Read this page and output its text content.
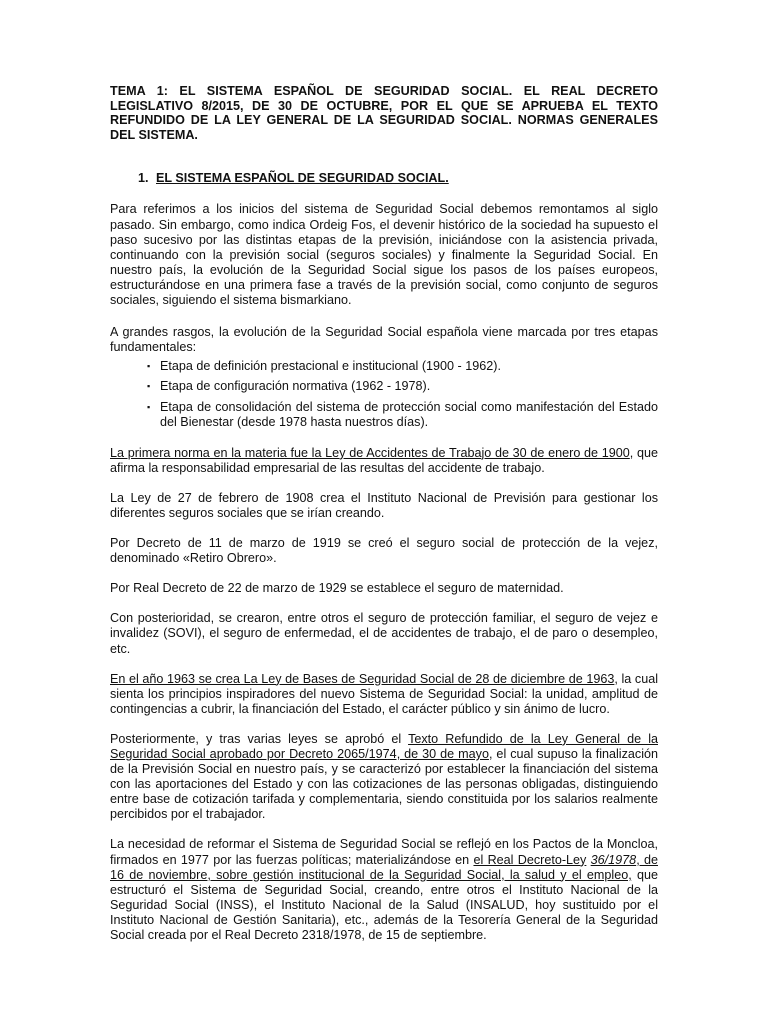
TEMA 1: EL SISTEMA ESPAÑOL DE SEGURIDAD SOCIAL. EL REAL DECRETO LEGISLATIVO 8/2015, DE 30 DE OCTUBRE, POR EL QUE SE APRUEBA EL TEXTO REFUNDIDO DE LA LEY GENERAL DE LA SEGURIDAD SOCIAL. NORMAS GENERALES DEL SISTEMA.

1. EL SISTEMA ESPAÑOL DE SEGURIDAD SOCIAL.

Para referimos a los inicios del sistema de Seguridad Social debemos remontamos al siglo pasado. Sin embargo, como indica Ordeig Fos, el devenir histórico de la sociedad ha supuesto el paso sucesivo por las distintas etapas de la previsión, iniciándose con la asistencia privada, continuando con la previsión social (seguros sociales) y finalmente la Seguridad Social. En nuestro país, la evolución de la Seguridad Social sigue los pasos de los países europeos, estructurándose en una primera fase a través de la previsión social, como conjunto de seguros sociales, siguiendo el sistema bismarkiano.

A grandes rasgos, la evolución de la Seguridad Social española viene marcada por tres etapas fundamentales:

▪ Etapa de definición prestacional e institucional (1900 - 1962).
▪ Etapa de configuración normativa (1962 - 1978).
▪ Etapa de consolidación del sistema de protección social como manifestación del Estado del Bienestar (desde 1978 hasta nuestros días).

La primera norma en la materia fue la Ley de Accidentes de Trabajo de 30 de enero de 1900, que afirma la responsabilidad empresarial de las resultas del accidente de trabajo.

La Ley de 27 de febrero de 1908 crea el Instituto Nacional de Previsión para gestionar los diferentes seguros sociales que se irían creando.

Por Decreto de 11 de marzo de 1919 se creó el seguro social de protección de la vejez, denominado «Retiro Obrero».

Por Real Decreto de 22 de marzo de 1929 se establece el seguro de maternidad.

Con posterioridad, se crearon, entre otros el seguro de protección familiar, el seguro de vejez e invalidez (SOVI), el seguro de enfermedad, el de accidentes de trabajo, el de paro o desempleo, etc.

En el año 1963 se crea La Ley de Bases de Seguridad Social de 28 de diciembre de 1963, la cual sienta los principios inspiradores del nuevo Sistema de Seguridad Social: la unidad, amplitud de contingencias a cubrir, la financiación del Estado, el carácter público y sin ánimo de lucro.

Posteriormente, y tras varias leyes se aprobó el Texto Refundido de la Ley General de la Seguridad Social aprobado por Decreto 2065/1974, de 30 de mayo, el cual supuso la finalización de la Previsión Social en nuestro país, y se caracterizó por establecer la financiación del sistema con las aportaciones del Estado y con las cotizaciones de las personas obligadas, distinguiendo entre base de cotización tarifada y complementaria, siendo constituida por los salarios realmente percibidos por el trabajador.

La necesidad de reformar el Sistema de Seguridad Social se reflejó en los Pactos de la Moncloa, firmados en 1977 por las fuerzas políticas; materializándose en el Real Decreto-Ley 36/1978, de 16 de noviembre, sobre gestión institucional de la Seguridad Social, la salud y el empleo, que estructuró el Sistema de Seguridad Social, creando, entre otros el Instituto Nacional de la Seguridad Social (INSS), el Instituto Nacional de la Salud (INSALUD, hoy sustituido por el Instituto Nacional de Gestión Sanitaria), etc., además de la Tesorería General de la Seguridad Social creada por el Real Decreto 2318/1978, de 15 de septiembre.
